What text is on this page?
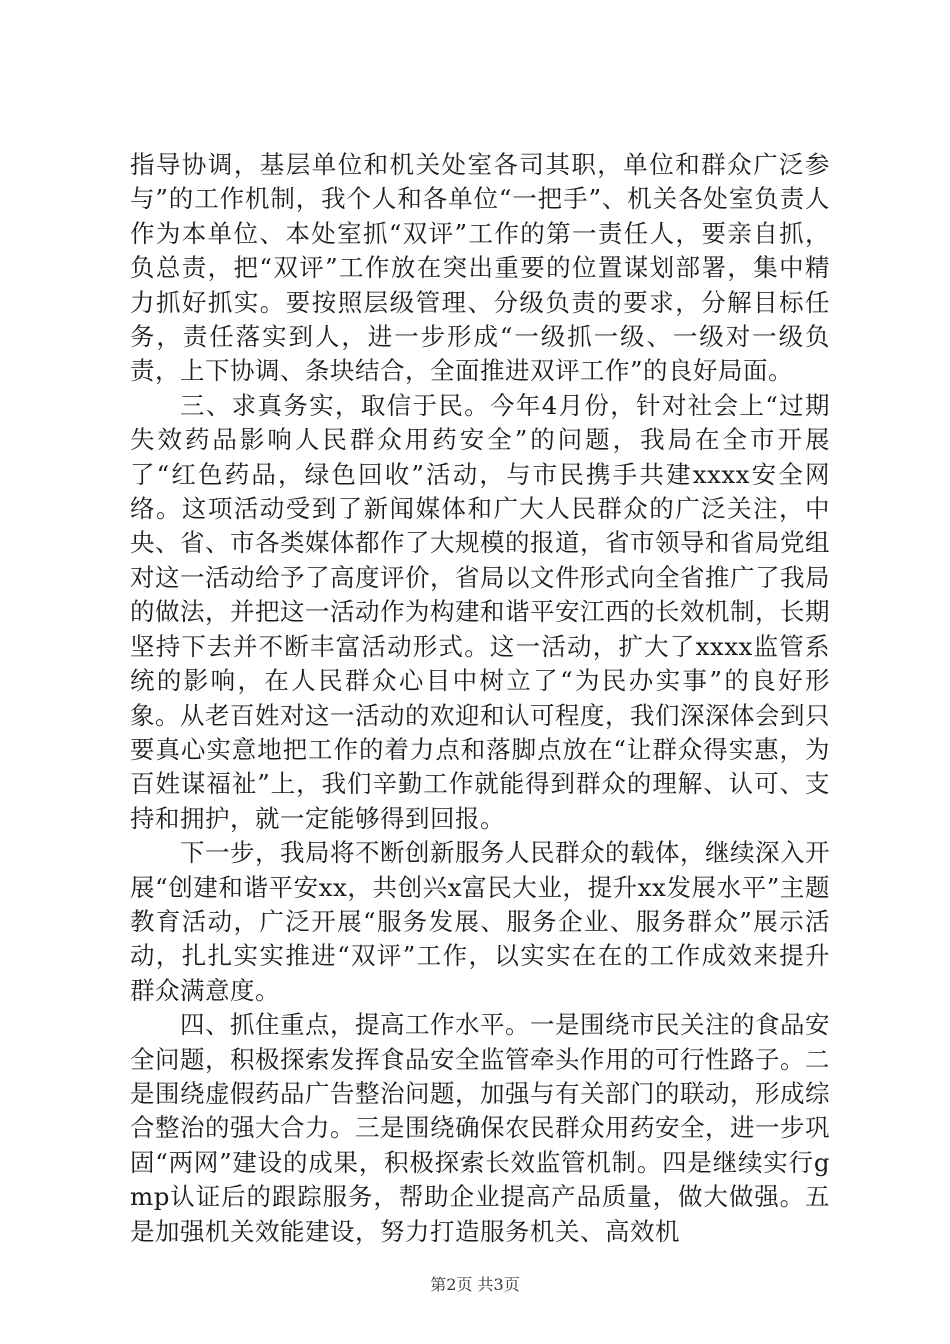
指导协调，基层单位和机关处室各司其职，单位和群众广泛参与”的工作机制，我个人和各单位“一把手”、机关各处室负责人作为本单位、本处室抓“双评”工作的第一责任人，要亲自抓，负总责，把“双评”工作放在突出重要的位置谋划部署，集中精力抓好抓实。要按照层级管理、分级负责的要求，分解目标任务，责任落实到人，进一步形成“一级抓一级、一级对一级负责，上下协调、条块结合，全面推进双评工作”的良好局面。

三、求真务实，取信于民。今年4月份，针对社会上“过期失效药品影响人民群众用药安全”的问题，我局在全市开展了“红色药品，绿色回收”活动，与市民携手共建xxxx安全网络。这项活动受到了新闻媒体和广大人民群众的广泛关注，中央、省、市各类媒体都作了大规模的报道，省市领导和省局党组对这一活动给予了高度评价，省局以文件形式向全省推广了我局的做法，并把这一活动作为构建和谐平安江西的长效机制，长期坚持下去并不断丰富活动形式。这一活动，扩大了xxxx监管系统的影响，在人民群众心目中树立了“为民办实事”的良好形象。从老百姓对这一活动的欢迎和认可程度，我们深深体会到只要真心实意地把工作的着力点和落脚点放在“让群众得实惠，为百姓谋福祉”上，我们辛勤工作就能得到群众的理解、认可、支持和拥护，就一定能够得到回报。

下一步，我局将不断创新服务人民群众的载体，继续深入开展“创建和谐平安xx，共创兴x富民大业，提升xx发展水平”主题教育活动，广泛开展“服务发展、服务企业、服务群众”展示活动，扎扎实实推进“双评”工作，以实实在在的工作成效来提升群众满意度。

四、抓住重点，提高工作水平。一是围绕市民关注的食品安全问题，积极探索发挥食品安全监管牵头作用的可行性路子。二是围绕虚假药品广告整治问题，加强与有关部门的联动，形成综合整治的强大合力。三是围绕确保农民群众用药安全，进一步巩固“两网”建设的成果，积极探索长效监管机制。四是继续实行gmp认证后的跟踪服务，帮助企业提高产品质量，做大做强。五是加强机关效能建设，努力打造服务机关、高效机

第2页 共3页
